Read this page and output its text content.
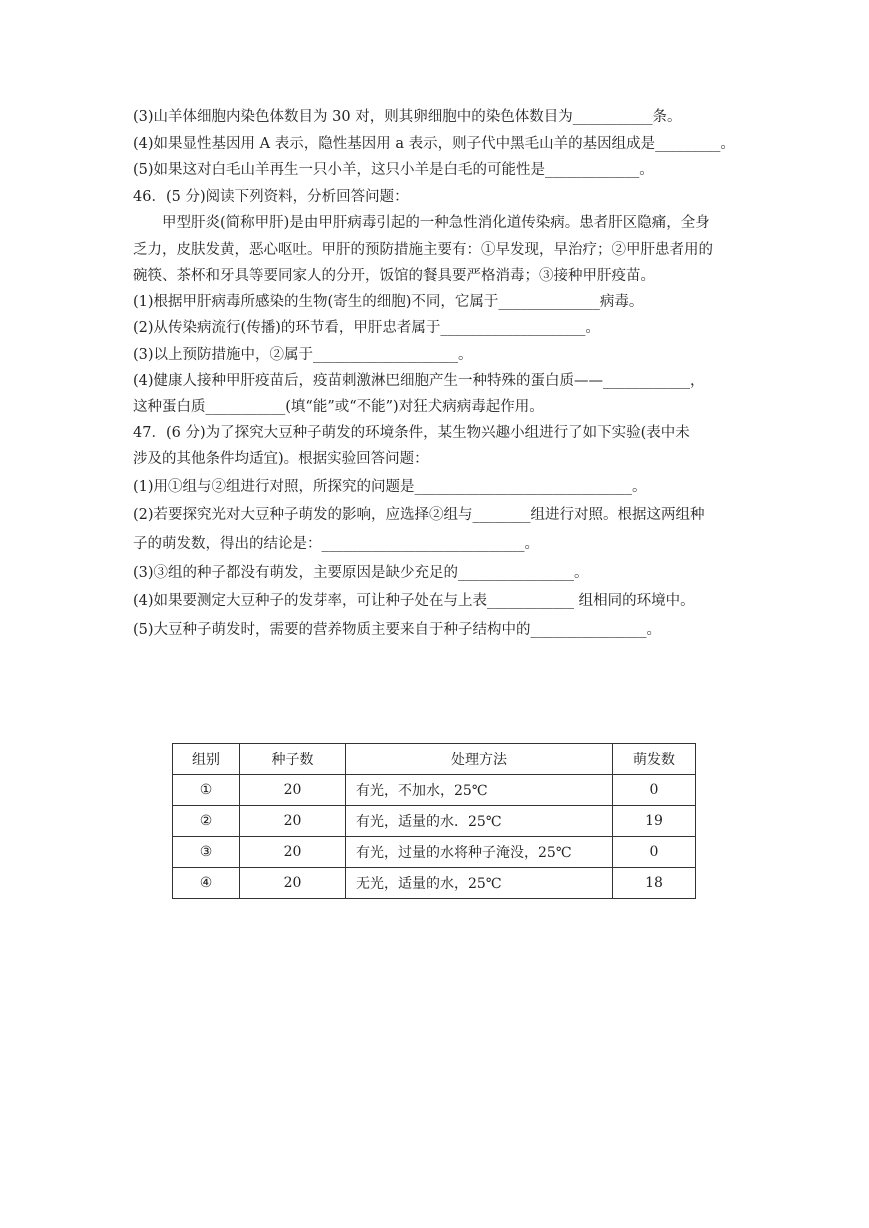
(3)山羊体细胞内染色体数目为 30 对，则其卵细胞中的染色体数目为___________条。
(4)如果显性基因用 A 表示，隐性基因用 a 表示，则子代中黑毛山羊的基因组成是_________。
(5)如果这对白毛山羊再生一只小羊，这只小羊是白毛的可能性是_____________。
46．(5 分)阅读下列资料，分析回答问题：
甲型肝炎(简称甲肝)是由甲肝病毒引起的一种急性消化道传染病。患者肝区隐痛，全身
乏力，皮肤发黄，恶心呕吐。甲肝的预防措施主要有：①早发现，早治疗；②甲肝患者用的
碗筷、茶杯和牙具等要同家人的分开，饭馆的餐具要严格消毒；③接种甲肝疫苗。
(1)根据甲肝病毒所感染的生物(寄生的细胞)不同，它属于______________病毒。
(2)从传染病流行(传播)的环节看，甲肝忠者属于____________________。
(3)以上预防措施中，②属于____________________。
(4)健康人接种甲肝疫苗后，疫苗刺激淋巴细胞产生一种特殊的蛋白质——____________，
这种蛋白质___________(填“能”或“不能”)对狂犬病病毒起作用。
47．(6 分)为了探究大豆种子萌发的环境条件，某生物兴趣小组进行了如下实验(表中未
涉及的其他条件均适宜)。根据实验回答问题：
(1)用①组与②组进行对照，所探究的问题是______________________________。
(2)若要探究光对大豆种子萌发的影响，应选择②组与________组进行对照。根据这两组种
子的萌发数，得出的结论是：____________________________。
(3)③组的种子都没有萌发，主要原因是缺少充足的________________。
(4)如果要测定大豆种子的发芽率，可让种子处在与上表____________ 组相同的环境中。
(5)大豆种子萌发时，需要的营养物质主要来自于种子结构中的________________。
组别	种子数	处理方法	萌发数
①	20	有光，不加水，25℃	0
②	20	有光，适量的水．25℃	19
③	20	有光，过量的水将种子淹没，25℃	0
④	20	无光，适量的水，25℃	18
